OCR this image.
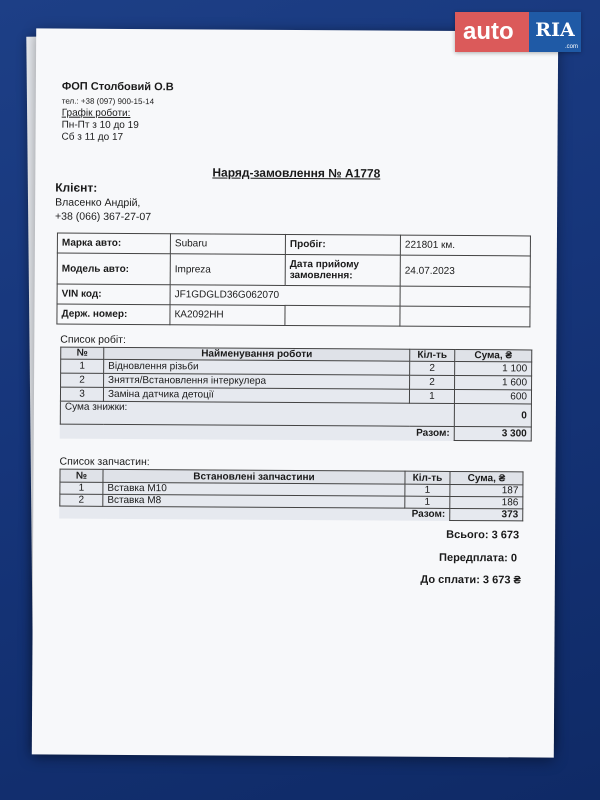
auto	RIA
.com
ФОП Столбовий О.В
тел.: +38 (097) 900-15-14
Графік роботи:
Пн-Пт з 10 до 19
Сб з 11 до 17
Наряд-замовлення № А1778
Клієнт:
Власенко Андрій,
+38 (066) 367-27-07
Марка авто:	Subaru	Пробіг:	221801 км.
Модель авто:	Impreza	Дата прийому замовлення:	24.07.2023
VIN код:	JF1GDGLD36G062070		
Держ. номер:	КА2092НН		
Список робіт:
№	Найменування роботи	Кіл-ть	Сума, ₴
1	Відновлення різьби	2	1 100
2	Зняття/Встановлення інтеркулера	2	1 600
3	Заміна датчика детоції	1	600
Сума знижки:			0
Разом:			3 300
Список запчастин:
№	Встановлені запчастини	Кіл-ть	Сума, ₴
1	Вставка М10	1	187
2	Вставка М8	1	186
Разом:			373
Всього: 3 673
Передплата: 0
До сплати: 3 673 ₴
